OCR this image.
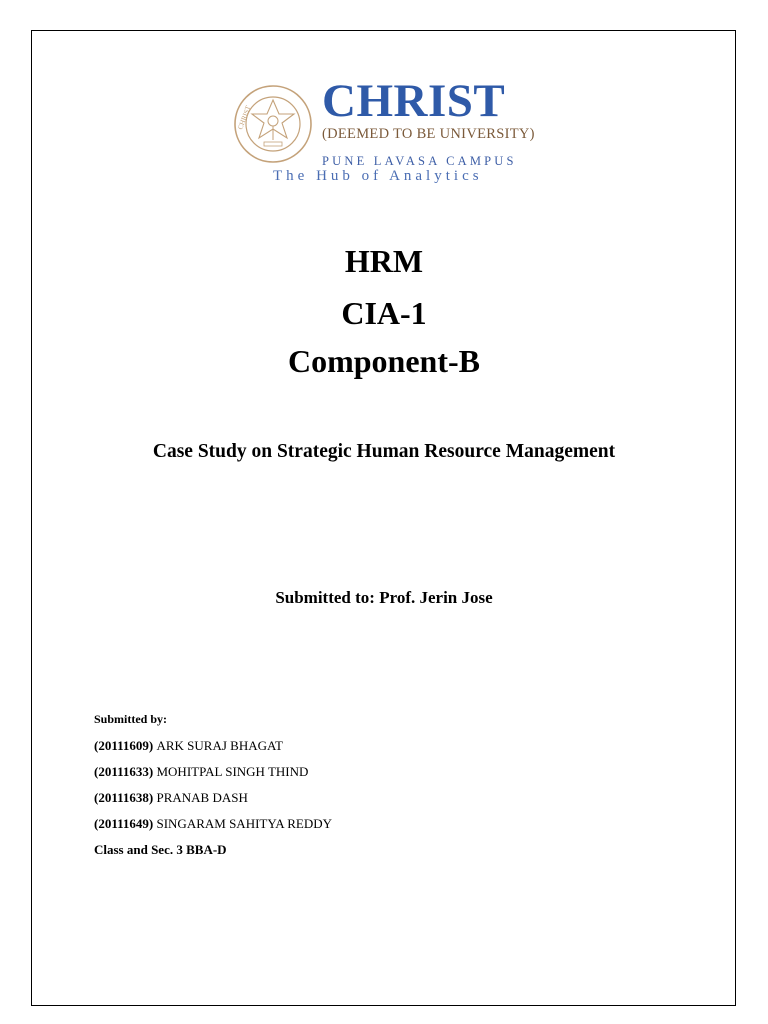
CHRIST CHRIST
(DEEMED TO BE UNIVERSITY)
PUNE LAVASA CAMPUS
The Hub of Analytics
HRM
CIA-1
Component-B
Case Study on Strategic Human Resource Management
Submitted to: Prof. Jerin Jose
Submitted by:
(20111609) ARK SURAJ BHAGAT
(20111633) MOHITPAL SINGH THIND
(20111638) PRANAB DASH
(20111649) SINGARAM SAHITYA REDDY
Class and Sec. 3 BBA-D
